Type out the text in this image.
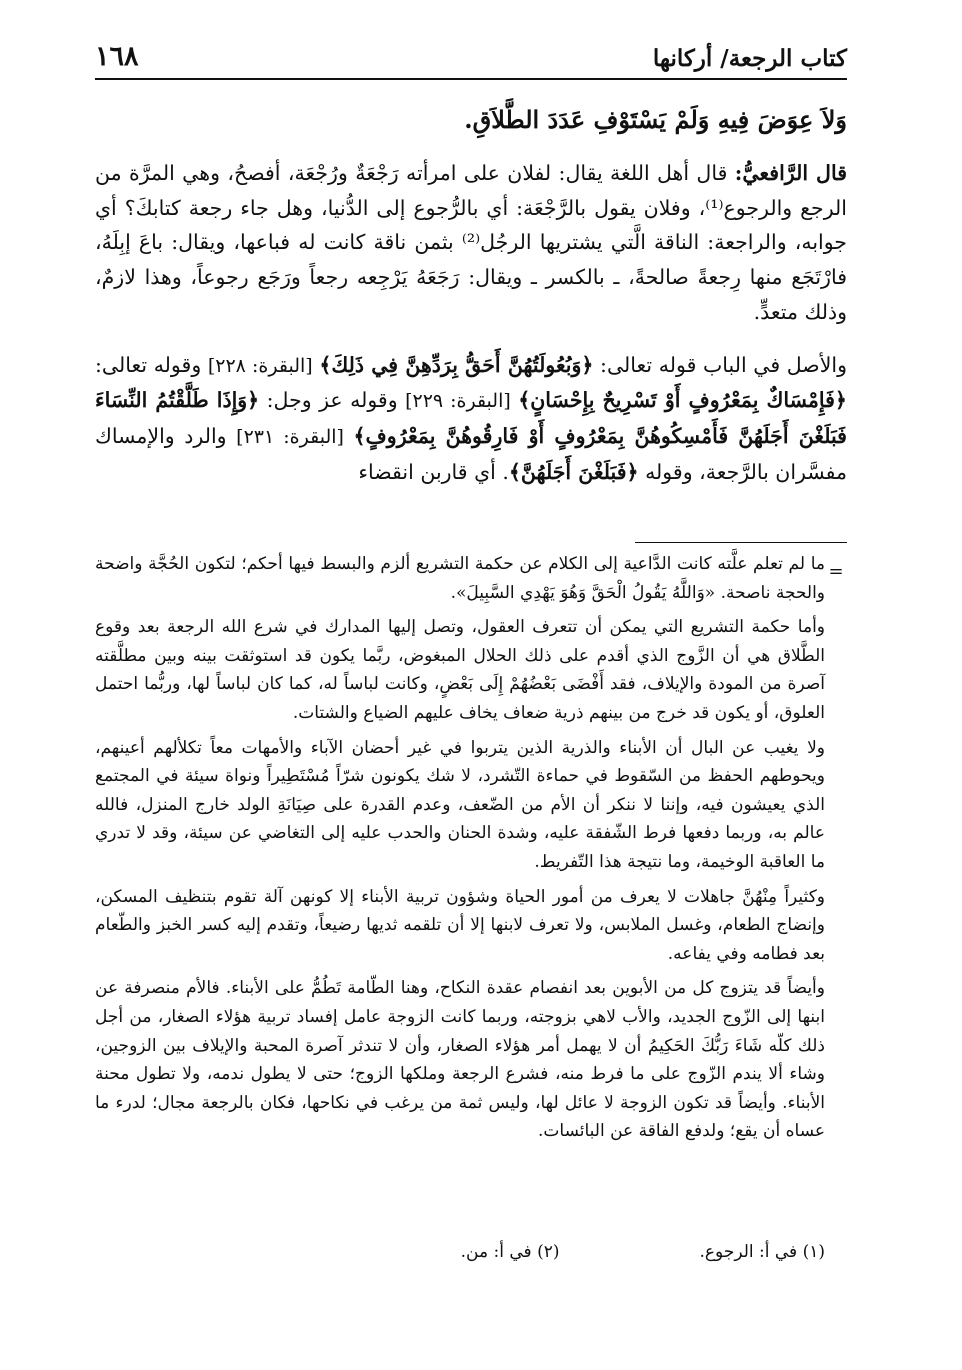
كتاب الرجعة/ أركانها
١٦٨
وَلاَ عِوَضَ فِيهِ وَلَمْ يَسْتَوْفِ عَدَدَ الطَّلاَقِ.

قال الرَّافعيُّ: قال أهل اللغة يقال: لفلان على امرأته رَجْعَةٌ ورُجْعَة، أفصحُ، وهي المرَّة من الرجع والرجوع⁽¹⁾، وفلان يقول بالرَّجْعَة: أي بالرُّجوع إلى الدُّنيا، وهل جاء رجعة كتابكَ؟ أي جوابه، والراجعة: الناقة الَّتي يشتريها الرجُل⁽²⁾ بثمن ناقة كانت له فباعها، ويقال: باعَ إبِلَهُ، فارْتَجَع منها رِجعةً صالحةً، ـ بالكسر ـ ويقال: رَجَعَهُ يَرْجِعه رجعاً ورَجَع رجوعاً، وهذا لازمٌ، وذلك متعدٍّ.

والأصل في الباب قوله تعالى: ﴿وَبُعُولَتُهُنَّ أَحَقُّ بِرَدِّهِنَّ فِي ذَلِكَ﴾ [البقرة: ٢٢٨] وقوله تعالى: ﴿فَإِمْسَاكٌ بِمَعْرُوفٍ أَوْ تَسْرِيحٌ بِإِحْسَانٍ﴾ [البقرة: ٢٢٩] وقوله عز وجل: ﴿وَإِذَا طَلَّقْتُمُ النِّسَاءَ فَبَلَغْنَ أَجَلَهُنَّ فَأَمْسِكُوهُنَّ بِمَعْرُوفٍ أَوْ فَارِقُوهُنَّ بِمَعْرُوفٍ﴾ [البقرة: ٢٣١] والرد والإمساك مفسَّران بالرَّجعة، وقوله ﴿فَبَلَغْنَ أَجَلَهُنَّ﴾. أي قاربن انقضاء

=

ما لم تعلم علَّته كانت الدَّاعية إلى الكلام عن حكمة التشريع ألزم والبسط فيها أحكم؛ لتكون الحُجَّة واضحة والحجة ناصحة. «وَاللَّهُ يَقُولُ الْحَقَّ وَهُوَ يَهْدِي السَّبِيلَ».

وأما حكمة التشريع التي يمكن أن تتعرف العقول، وتصل إليها المدارك في شرع الله الرجعة بعد وقوع الطَّلاق هي أن الزَّوج الذي أقدم على ذلك الحلال المبغوض، ربَّما يكون قد استوثقت بينه وبين مطلَّقته آصرة من المودة والإيلاف، فقد أَفْضَى بَعْضُهُمْ إِلَى بَعْضٍ، وكانت لباساً له، كما كان لباساً لها، وربُّما احتمل العلوق، أو يكون قد خرج من بينهم ذرية ضعاف يخاف عليهم الضياع والشتات.

ولا يغيب عن البال أن الأبناء والذرية الذين يتربوا في غير أحضان الآباء والأمهات معاً تكلألهم أعينهم، ويحوطهم الحفظ من السّقوط في حماءة التّشرد، لا شك يكونون شرّاً مُسْتَطِيراً ونواة سيئة في المجتمع الذي يعيشون فيه، وإننا لا ننكر أن الأم من الضّعف، وعدم القدرة على صِيَانَةِ الولد خارج المنزل، فالله عالم به، وربما دفعها فرط الشّفقة عليه، وشدة الحنان والحدب عليه إلى التغاضي عن سيئة، وقد لا تدري ما العاقبة الوخيمة، وما نتيجة هذا التّفريط.

وكثيراً مِنْهُنَّ جاهلات لا يعرف من أمور الحياة وشؤون تربية الأبناء إلا كونهن آلة تقوم بتنظيف المسكن، وإنضاج الطعام، وغسل الملابس، ولا تعرف لابنها إلا أن تلقمه ثديها رضيعاً، وتقدم إليه كسر الخبز والطّعام بعد فطامه وفي يفاعه.

وأيضاً قد يتزوج كل من الأبوين بعد انفصام عقدة النكاح، وهنا الطّامة تَطُمُّ على الأبناء. فالأم منصرفة عن ابنها إلى الزّوج الجديد، والأب لاهي بزوجته، وربما كانت الزوجة عامل إفساد تربية هؤلاء الصغار، من أجل ذلك كلّه شَاءَ رَبُّكَ الحَكِيمُ أن لا يهمل أمر هؤلاء الصغار، وأن لا تندثر آصرة المحبة والإيلاف بين الزوجين، وشاء ألا يندم الزّوج على ما فرط منه، فشرع الرجعة وملكها الزوج؛ حتى لا يطول ندمه، ولا تطول محنة الأبناء. وأيضاً قد تكون الزوجة لا عائل لها، وليس ثمة من يرغب في نكاحها، فكان بالرجعة مجال؛ لدرء ما عساه أن يقع؛ ولدفع الفاقة عن البائسات.

(١) في أ: الرجوع.
(٢) في أ: من.
